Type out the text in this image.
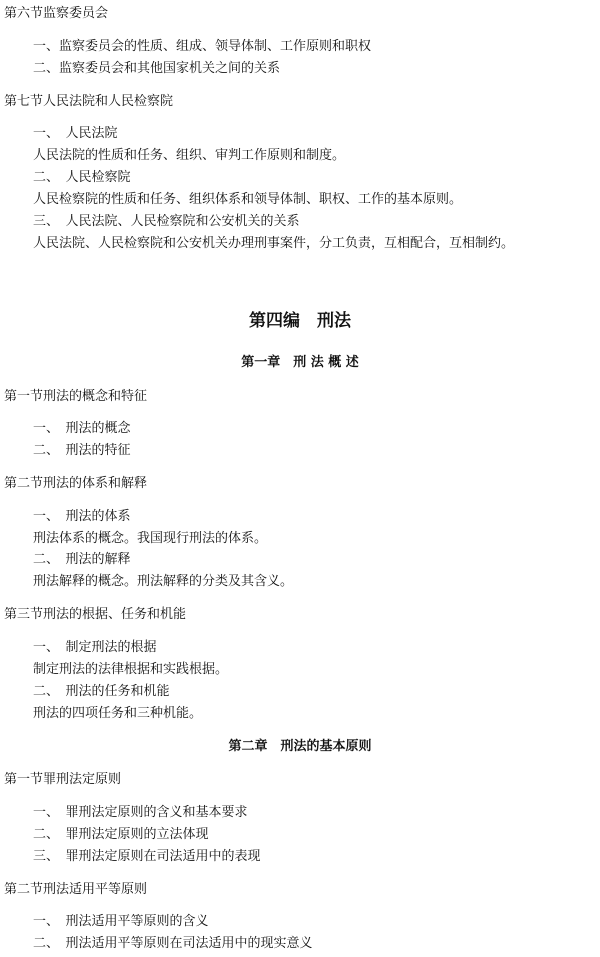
第六节监察委员会
一、监察委员会的性质、组成、领导体制、工作原则和职权
二、监察委员会和其他国家机关之间的关系
第七节人民法院和人民检察院
一、　人民法院
人民法院的性质和任务、组织、审判工作原则和制度。
二、　人民检察院
人民检察院的性质和任务、组织体系和领导体制、职权、工作的基本原则。
三、　人民法院、人民检察院和公安机关的关系
人民法院、人民检察院和公安机关办理刑事案件，分工负责，互相配合，互相制约。
第四编　刑法
第一章　刑 法 概 述
第一节刑法的概念和特征
一、　刑法的概念
二、　刑法的特征
第二节刑法的体系和解释
一、　刑法的体系
刑法体系的概念。我国现行刑法的体系。
二、　刑法的解释
刑法解释的概念。刑法解释的分类及其含义。
第三节刑法的根据、任务和机能
一、　制定刑法的根据
制定刑法的法律根据和实践根据。
二、　刑法的任务和机能
刑法的四项任务和三种机能。
第二章　刑法的基本原则
第一节罪刑法定原则
一、　罪刑法定原则的含义和基本要求
二、　罪刑法定原则的立法体现
三、　罪刑法定原则在司法适用中的表现
第二节刑法适用平等原则
一、　刑法适用平等原则的含义
二、　刑法适用平等原则在司法适用中的现实意义
